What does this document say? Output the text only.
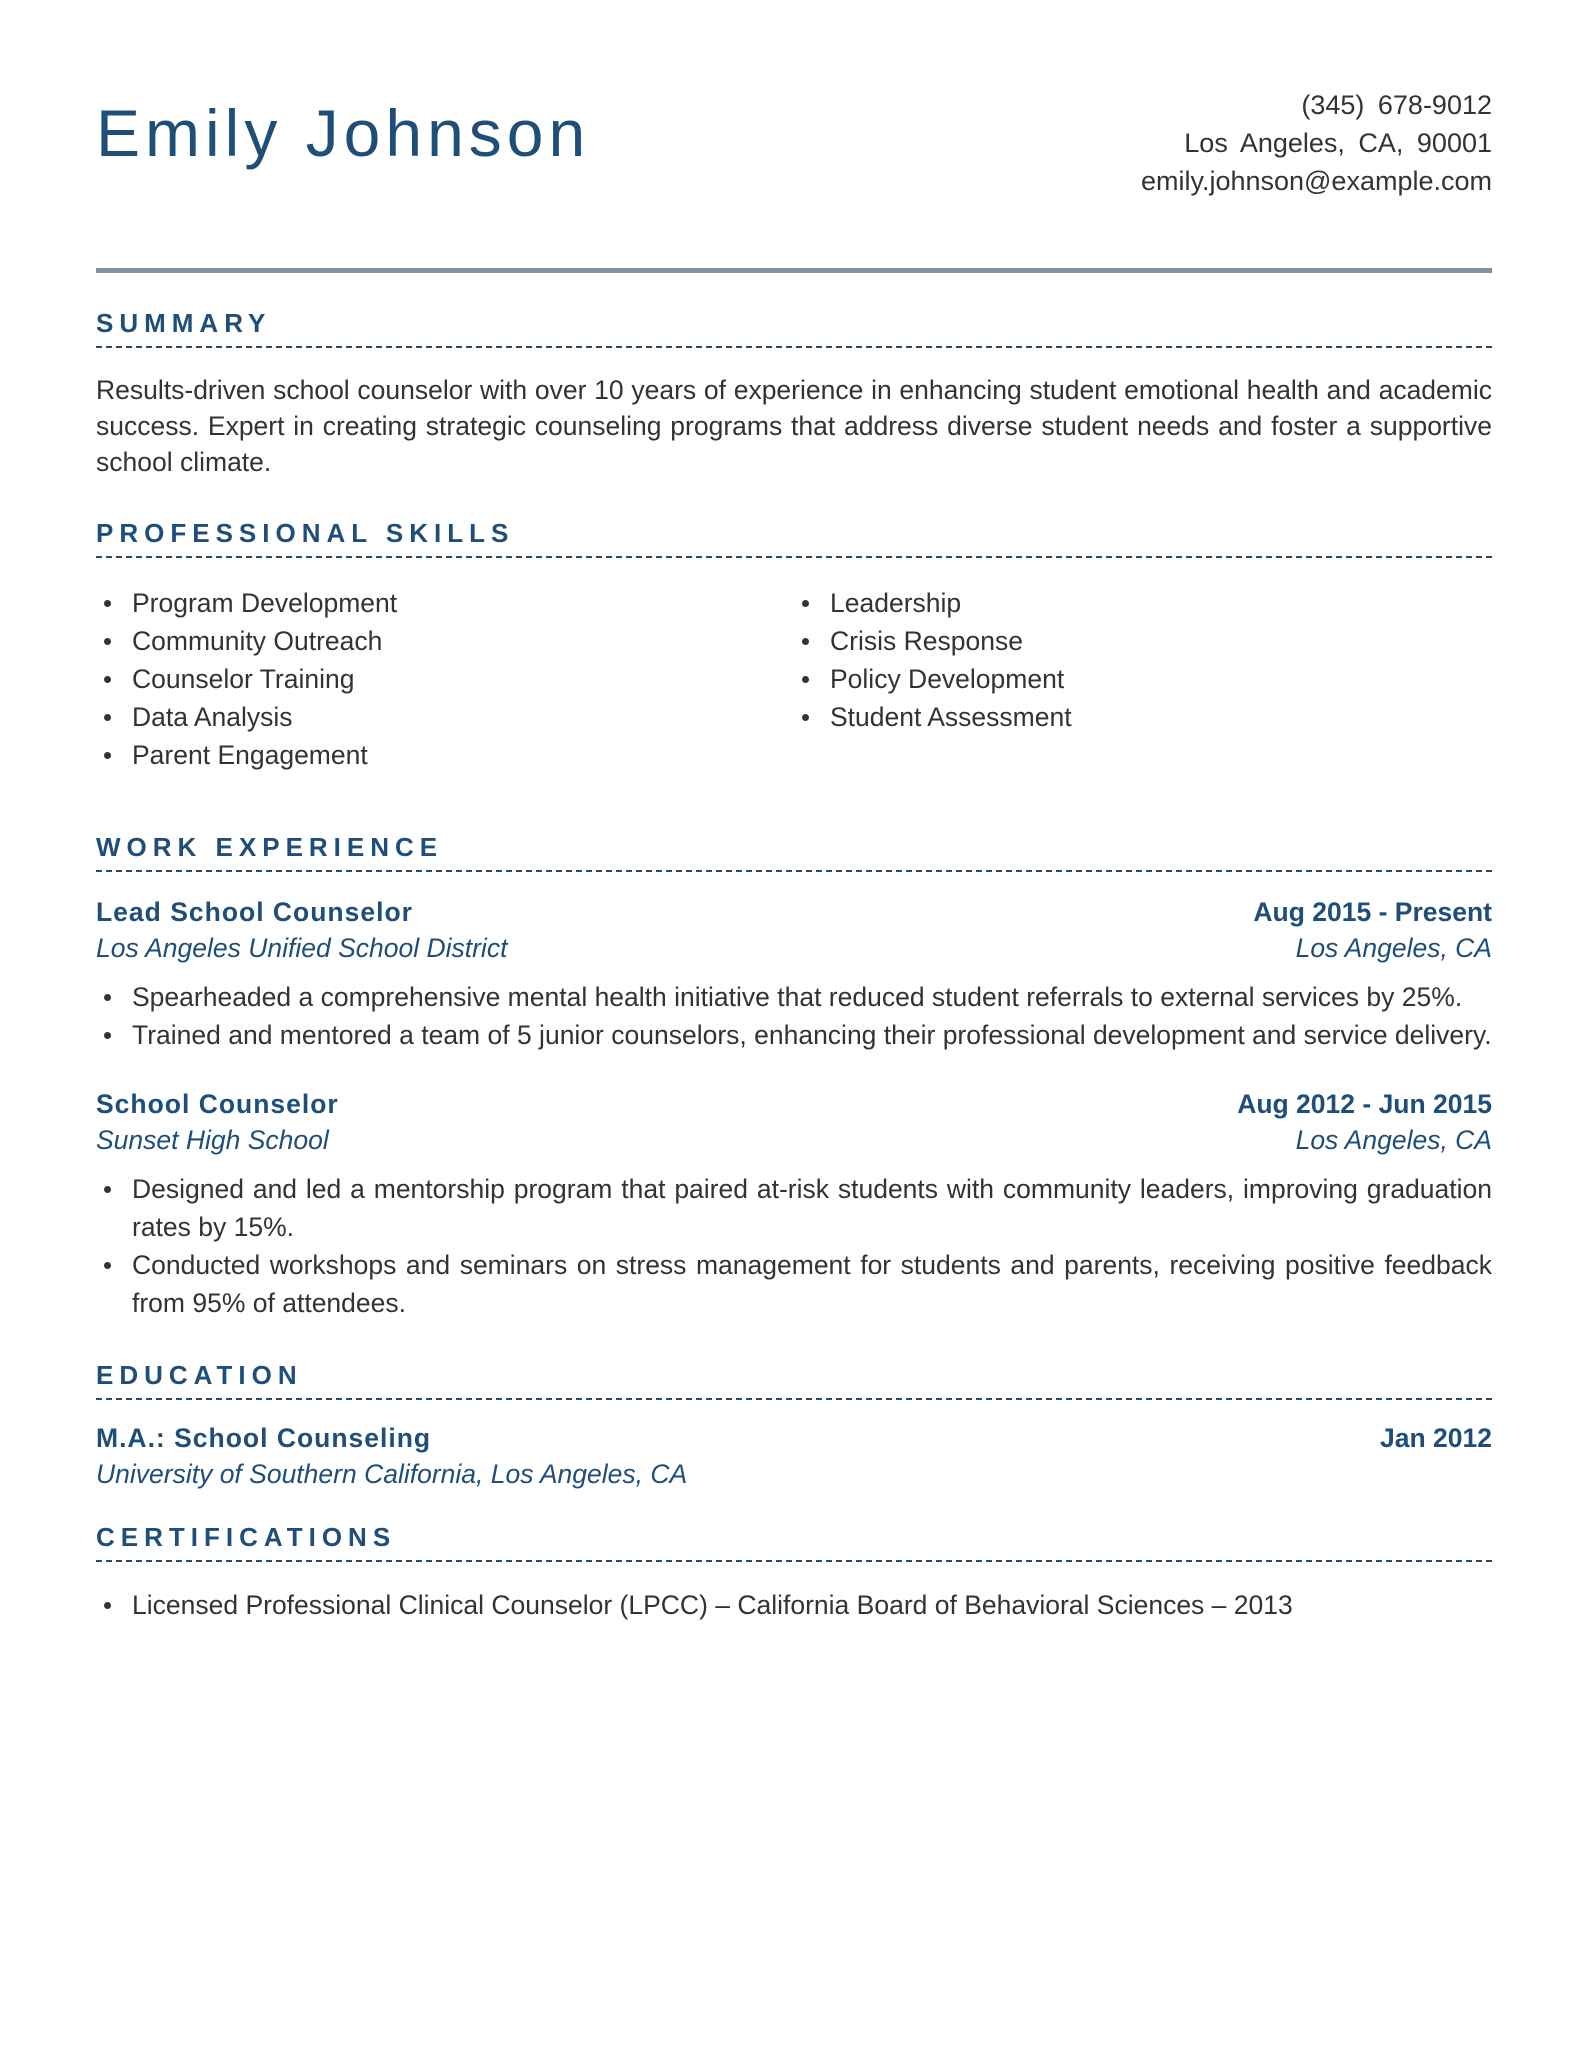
Emily Johnson	(345) 678-9012
Los Angeles, CA, 90001
emily.johnson@example.com
SUMMARY

Results-driven school counselor with over 10 years of experience in enhancing student emotional health and academic success. Expert in creating strategic counseling programs that address diverse student needs and foster a supportive school climate.

PROFESSIONAL SKILLS
Program Development
Community Outreach
Counselor Training
Data Analysis
Parent Engagement
Leadership
Crisis Response
Policy Development
Student Assessment
WORK EXPERIENCE
Lead School Counselor	Aug 2015 - Present
Los Angeles Unified School District	Los Angeles, CA
Spearheaded a comprehensive mental health initiative that reduced student referrals to external services by 25%.
Trained and mentored a team of 5 junior counselors, enhancing their professional development and service delivery.
School Counselor	Aug 2012 - Jun 2015
Sunset High School	Los Angeles, CA
Designed and led a mentorship program that paired at-risk students with community leaders, improving graduation rates by 15%.
Conducted workshops and seminars on stress management for students and parents, receiving positive feedback from 95% of attendees.
EDUCATION
M.A.: School Counseling	Jan 2012
University of Southern California, Los Angeles, CA
CERTIFICATIONS
Licensed Professional Clinical Counselor (LPCC) – California Board of Behavioral Sciences – 2013
